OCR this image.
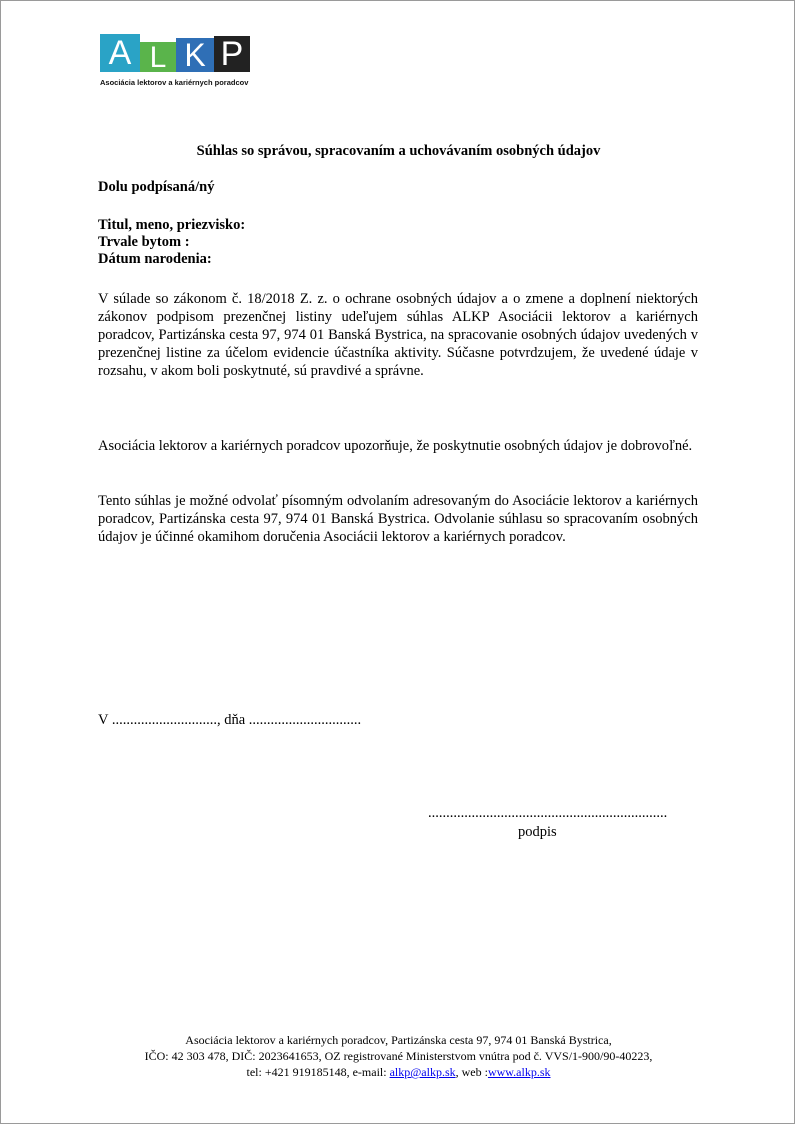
A L K P
Asociácia lektorov a kariérnych poradcov
Súhlas so správou, spracovaním a uchovávaním osobných údajov
Dolu podpísaná/ný
Titul, meno, priezvisko:
Trvale bytom :
Dátum narodenia:
V súlade so zákonom č. 18/2018 Z. z. o ochrane osobných údajov a o zmene a doplnení niektorých zákonov podpisom prezenčnej listiny udeľujem súhlas ALKP Asociácii lektorov a kariérnych poradcov, Partizánska cesta 97, 974 01 Banská Bystrica, na spracovanie osobných údajov uvedených v prezenčnej listine za účelom evidencie účastníka aktivity. Súčasne potvrdzujem, že uvedené údaje v rozsahu, v akom boli poskytnuté, sú pravdivé a správne.
Asociácia lektorov a kariérnych poradcov upozorňuje, že poskytnutie osobných údajov je dobrovoľné.
Tento súhlas je možné odvolať písomným odvolaním adresovaným do Asociácie lektorov a kariérnych poradcov, Partizánska cesta 97, 974 01 Banská Bystrica. Odvolanie súhlasu so spracovaním osobných údajov je účinné okamihom doručenia Asociácii lektorov a kariérnych poradcov.
V ............................., dňa ...............................
..................................................................
podpis
Asociácia lektorov a kariérnych poradcov, Partizánska cesta 97, 974 01 Banská Bystrica,
IČO: 42 303 478, DIČ: 2023641653, OZ registrované Ministerstvom vnútra pod č. VVS/1-900/90-40223,
tel: +421 919185148, e-mail: alkp@alkp.sk, web :www.alkp.sk
